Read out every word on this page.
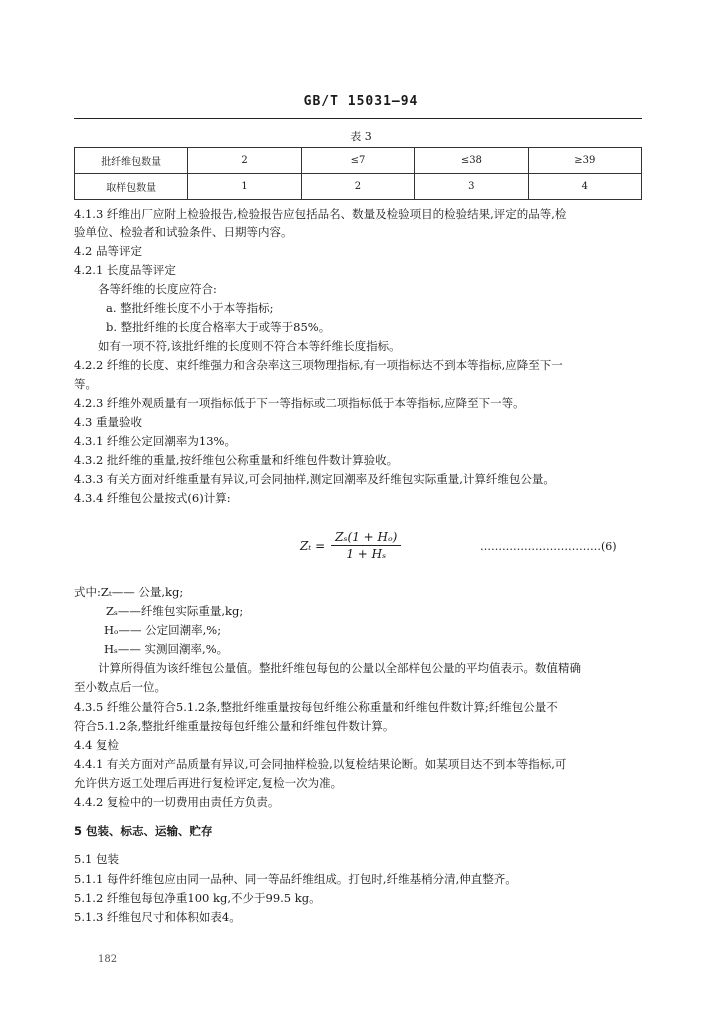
GB/T 15031—94
表 3
批纤维包数量	2	≤7	≤38	≥39
取样包数量	1	2	3	4
4.1.3 纤维出厂应附上检验报告,检验报告应包括品名、数量及检验项目的检验结果,评定的品等,检
验单位、检验者和试验条件、日期等内容。
4.2 品等评定
4.2.1 长度品等评定
各等纤维的长度应符合:
a. 整批纤维长度不小于本等指标;
b. 整批纤维的长度合格率大于或等于85%。
如有一项不符,该批纤维的长度则不符合本等纤维长度指标。
4.2.2 纤维的长度、束纤维强力和含杂率这三项物理指标,有一项指标达不到本等指标,应降至下一
等。
4.2.3 纤维外观质量有一项指标低于下一等指标或二项指标低于本等指标,应降至下一等。
4.3 重量验收
4.3.1 纤维公定回潮率为13%。
4.3.2 批纤维的重量,按纤维包公称重量和纤维包件数计算验收。
4.3.3 有关方面对纤维重量有异议,可会同抽样,测定回潮率及纤维包实际重量,计算纤维包公量。
4.3.4 纤维包公量按式(6)计算:
$Z_t = \frac{\text{Zₛ(1 + Hₒ)}}{\text{1 + Hₛ}}$	……………………………(6)
式中:Zₜ—— 公量,kg;
Zₛ——纤维包实际重量,kg;
Hₒ—— 公定回潮率,%;
Hₛ—— 实测回潮率,%。
计算所得值为该纤维包公量值。整批纤维包每包的公量以全部样包公量的平均值表示。数值精确
至小数点后一位。
4.3.5 纤维公量符合5.1.2条,整批纤维重量按每包纤维公称重量和纤维包件数计算;纤维包公量不
符合5.1.2条,整批纤维重量按每包纤维公量和纤维包件数计算。
4.4 复检
4.4.1 有关方面对产品质量有异议,可会同抽样检验,以复检结果论断。如某项目达不到本等指标,可
允许供方返工处理后再进行复检评定,复检一次为准。
4.4.2 复检中的一切费用由责任方负责。
5 包装、标志、运输、贮存
5.1 包装
5.1.1 每件纤维包应由同一品种、同一等品纤维组成。打包时,纤维基梢分清,伸直整齐。
5.1.2 纤维包每包净重100 kg,不少于99.5 kg。
5.1.3 纤维包尺寸和体积如表4。
182
